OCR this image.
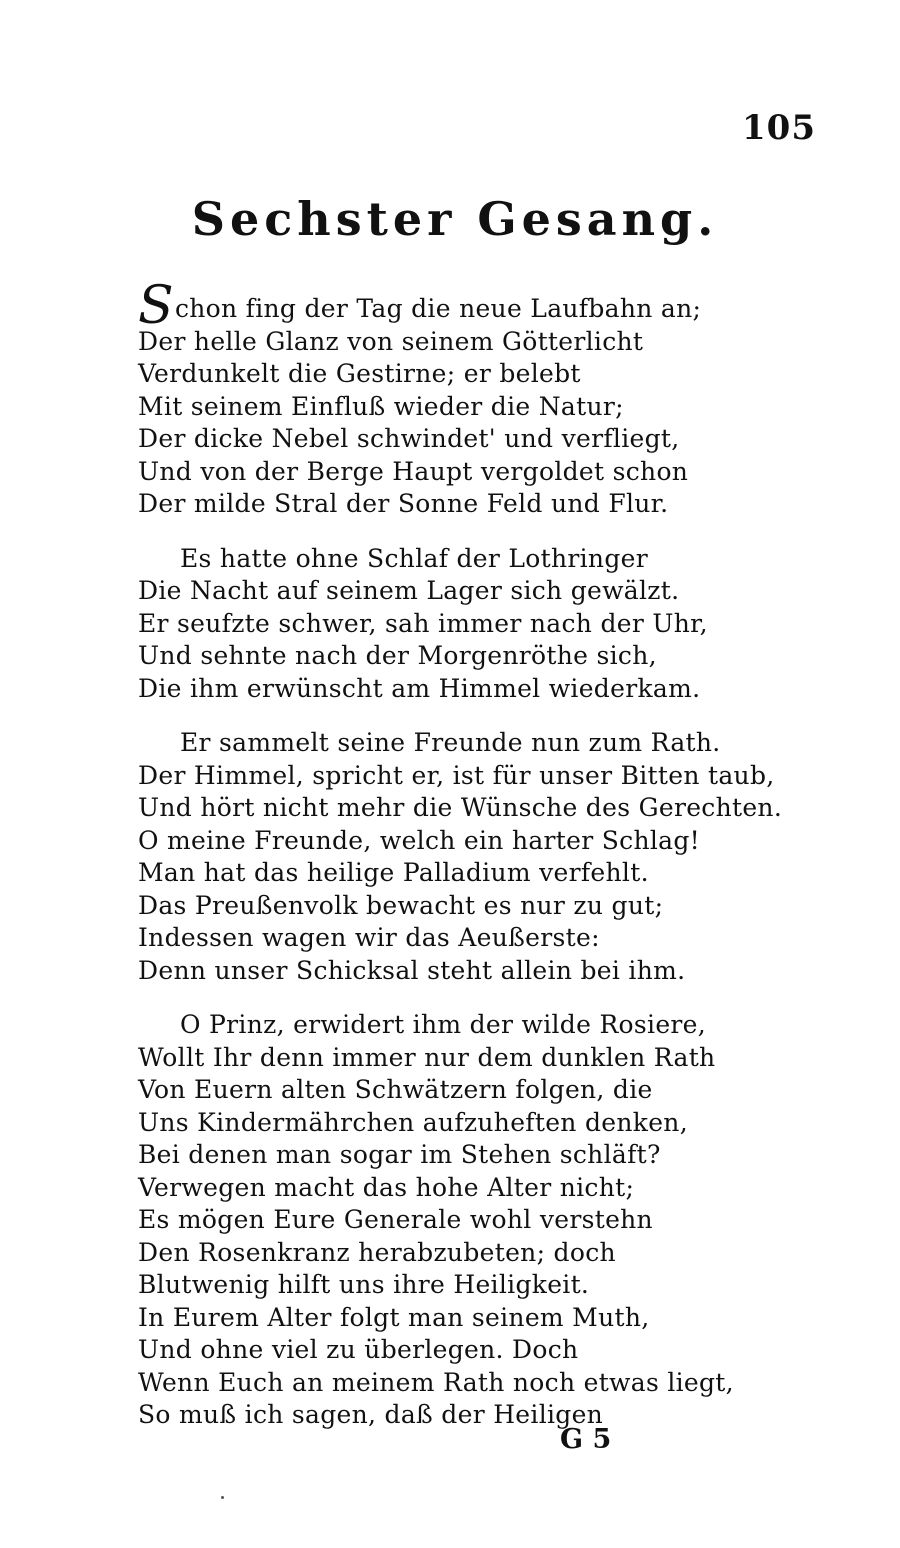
105
Sechster Gesang.
Schon fing der Tag die neue Laufbahn an;
Der helle Glanz von seinem Götterlicht
Verdunkelt die Gestirne; er belebt
Mit seinem Einfluß wieder die Natur;
Der dicke Nebel schwindet' und verfliegt,
Und von der Berge Haupt vergoldet schon
Der milde Stral der Sonne Feld und Flur.
Es hatte ohne Schlaf der Lothringer
Die Nacht auf seinem Lager sich gewälzt.
Er seufzte schwer, sah immer nach der Uhr,
Und sehnte nach der Morgenröthe sich,
Die ihm erwünscht am Himmel wiederkam.
Er sammelt seine Freunde nun zum Rath.
Der Himmel, spricht er, ist für unser Bitten taub,
Und hört nicht mehr die Wünsche des Gerechten.
O meine Freunde, welch ein harter Schlag!
Man hat das heilige Palladium verfehlt.
Das Preußenvolk bewacht es nur zu gut;
Indessen wagen wir das Aeußerste:
Denn unser Schicksal steht allein bei ihm.
O Prinz, erwidert ihm der wilde Rosiere,
Wollt Ihr denn immer nur dem dunklen Rath
Von Euern alten Schwätzern folgen, die
Uns Kindermährchen aufzuheften denken,
Bei denen man sogar im Stehen schläft?
Verwegen macht das hohe Alter nicht;
Es mögen Eure Generale wohl verstehn
Den Rosenkranz herabzubeten; doch
Blutwenig hilft uns ihre Heiligkeit.
In Eurem Alter folgt man seinem Muth,
Und ohne viel zu überlegen. Doch
Wenn Euch an meinem Rath noch etwas liegt,
So muß ich sagen, daß der Heiligen
G 5
